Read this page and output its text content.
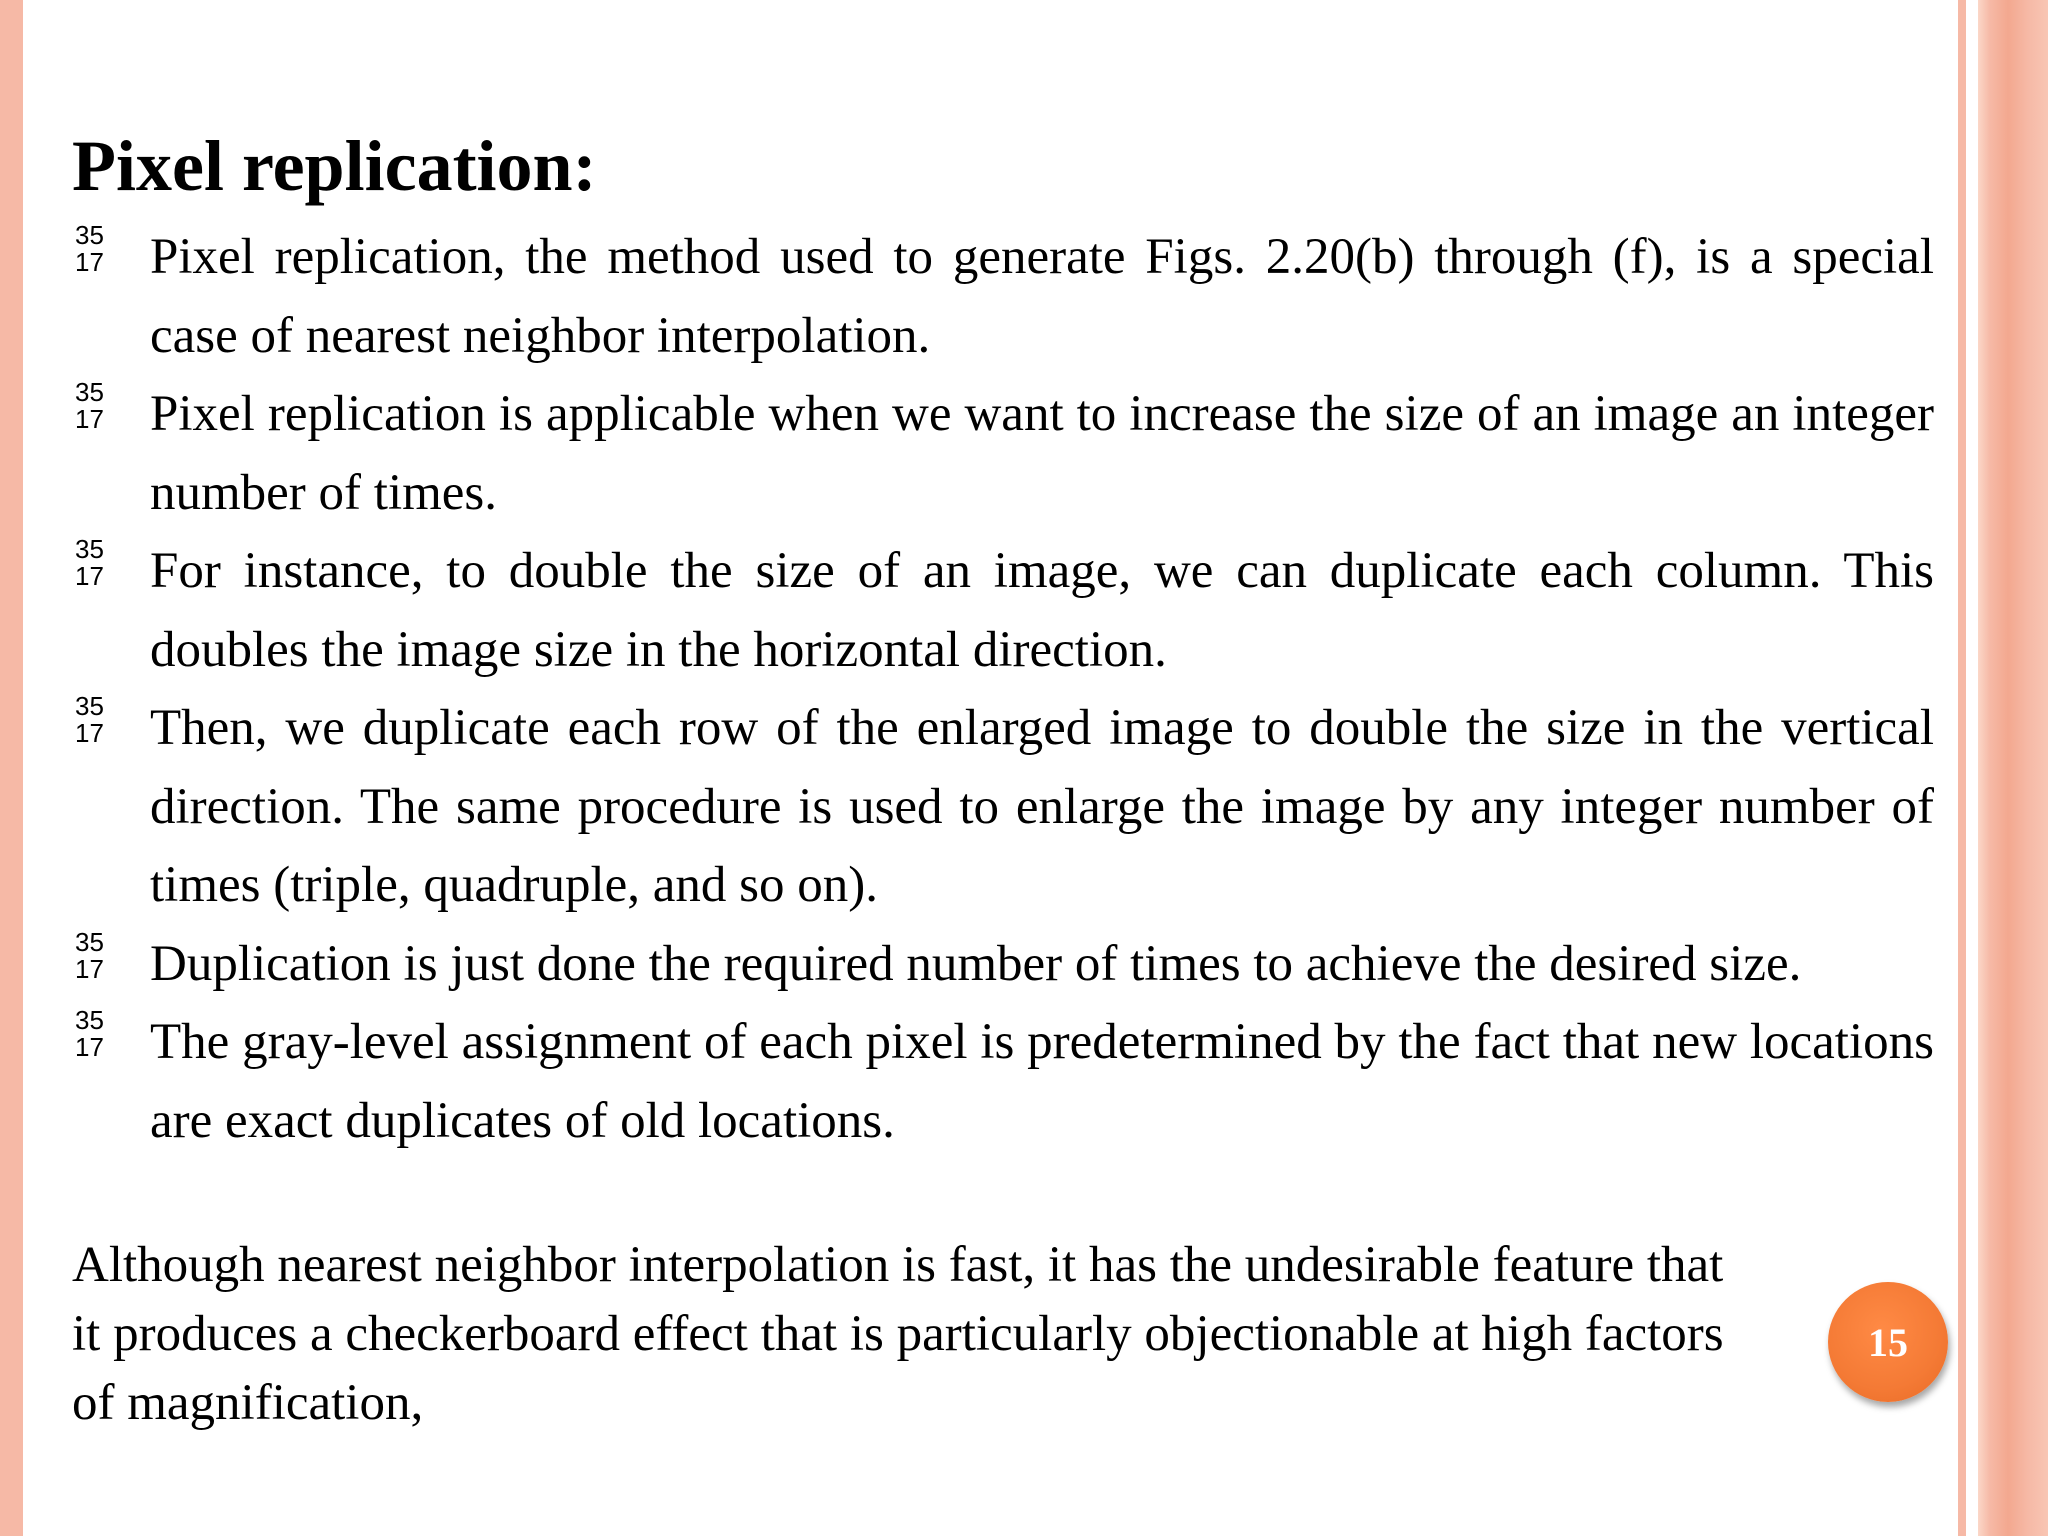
Pixel replication:
35
17 Pixel replication, the method used to generate Figs. 2.20(b) through (f), is a special case of nearest neighbor interpolation.
35
17 Pixel replication is applicable when we want to increase the size of an image an integer number of times.
35
17 For instance, to double the size of an image, we can duplicate each column. This doubles the image size in the horizontal direction.
35
17 Then, we duplicate each row of the enlarged image to double the size in the vertical direction. The same procedure is used to enlarge the image by any integer number of times (triple, quadruple, and so on).
35
17 Duplication is just done the required number of times to achieve the desired size.
35
17 The gray-level assignment of each pixel is predetermined by the fact that new locations are exact duplicates of old locations.
15
Although nearest neighbor interpolation is fast, it has the undesirable feature that
it produces a checkerboard effect that is particularly objectionable at high factors
of magnification,
